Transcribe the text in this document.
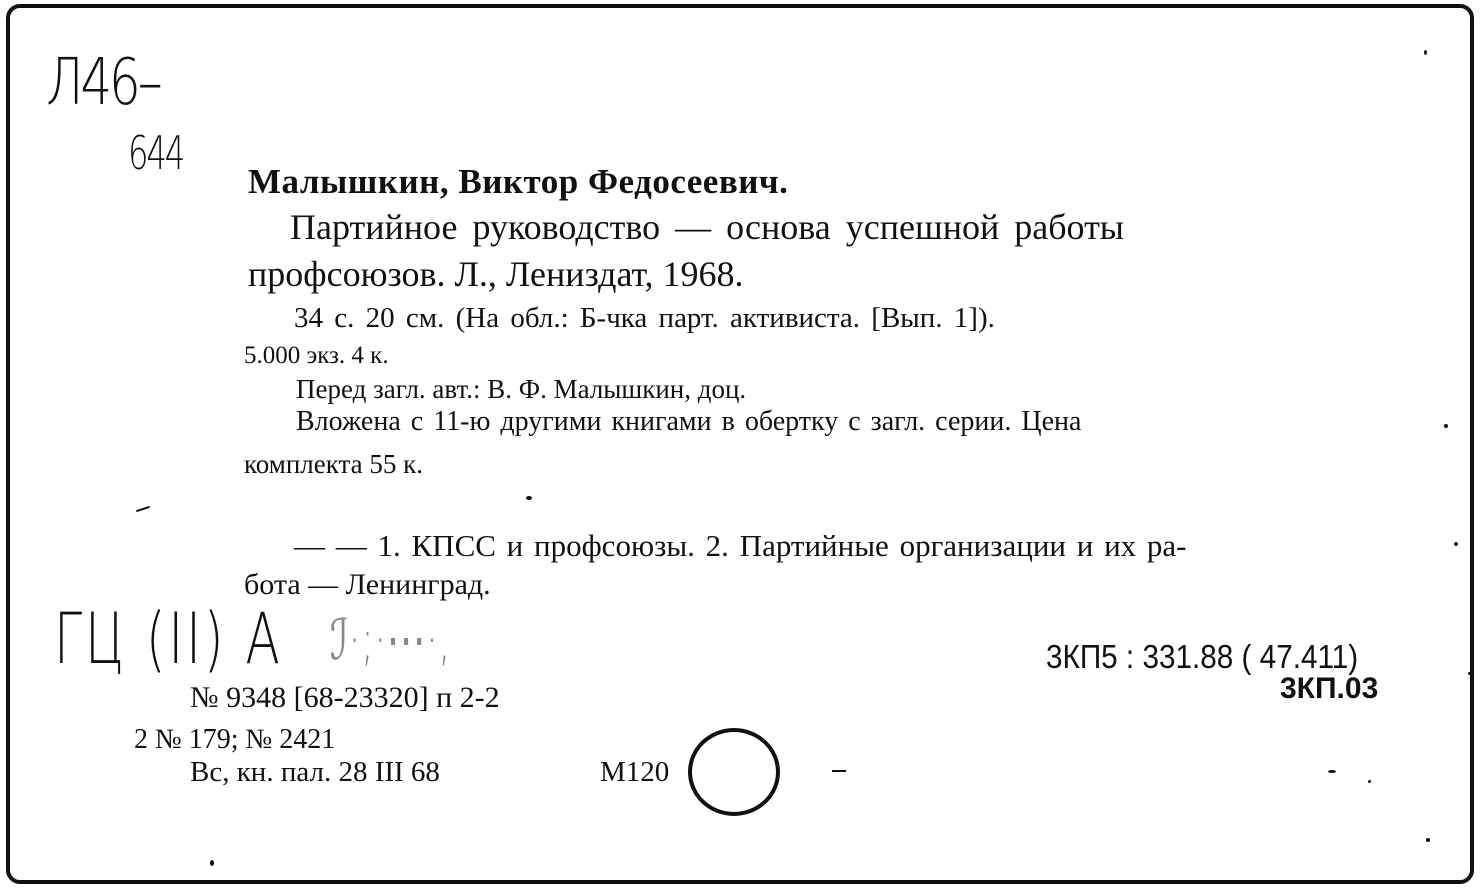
Л46–
644
Малышкин, Виктор Федосеевич.
Партийное руководство — основа успешной работы
профсоюзов. Л., Лениздат, 1968.
34 с. 20 см. (На обл.: Б-чка парт. активиста. [Вып. 1]).
5.000 экз. 4 к.
Перед загл. авт.: В. Ф. Малышкин, доц.
Вложена с 11-ю другими книгами в обертку с загл. серии. Цена
комплекта 55 к.
— — 1. КПСС и профсоюзы. 2. Партийные организации и их ра-
бота — Ленинград.
ГЦ (II) А ℐ·;·⋯·,	3КП5 : 331.88 ( 47.411)
3КП.03
№ 9348 [68-23320] п 2-2
2 № 179; № 2421
Вс, кн. пал. 28 III 68	М120
